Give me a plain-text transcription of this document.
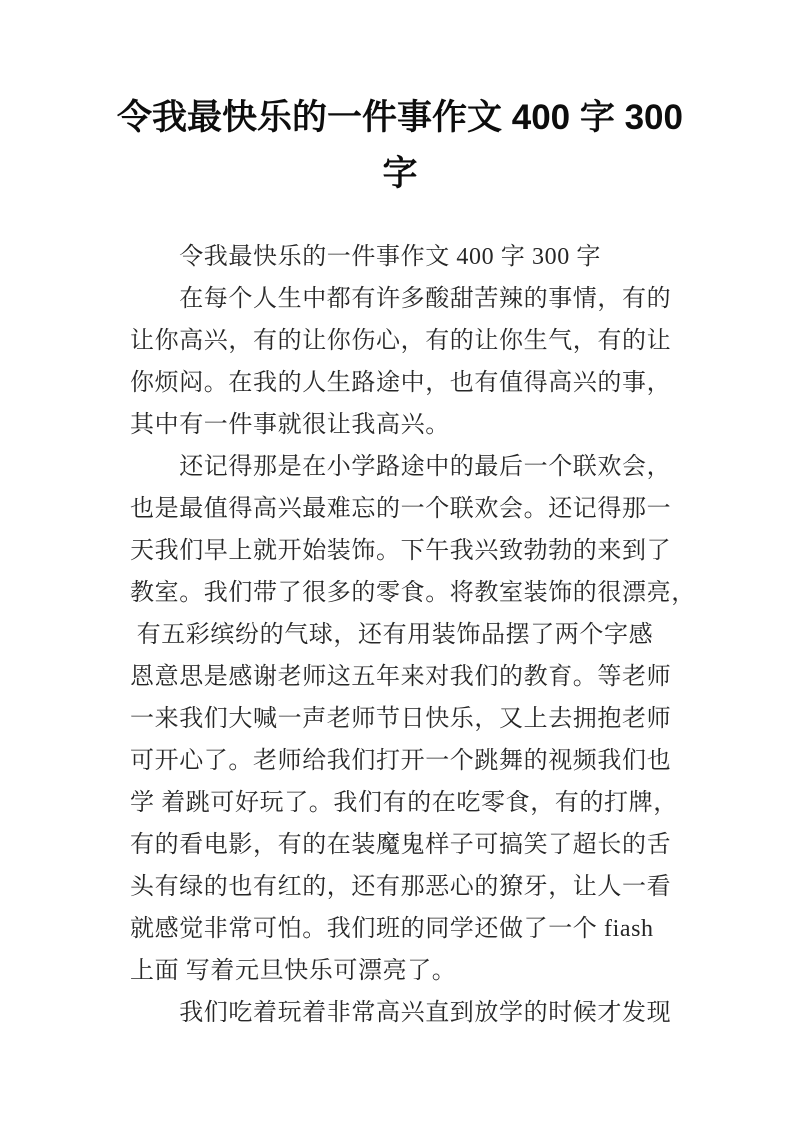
令我最快乐的一件事作文 400 字 300
字
　　令我最快乐的一件事作文 400 字 300 字
　　在每个人生中都有许多酸甜苦辣的事情，有的
让你高兴，有的让你伤心，有的让你生气，有的让
你烦闷。在我的人生路途中，也有值得高兴的事，
其中有一件事就很让我高兴。
　　还记得那是在小学路途中的最后一个联欢会，
也是最值得高兴最难忘的一个联欢会。还记得那一
天我们早上就开始装饰。下午我兴致勃勃的来到了
教室。我们带了很多的零食。将教室装饰的很漂亮，
有五彩缤纷的气球，还有用装饰品摆了两个字感
恩意思是感谢老师这五年来对我们的教育。等老师
一来我们大喊一声老师节日快乐，又上去拥抱老师
可开心了。老师给我们打开一个跳舞的视频我们也
学 着跳可好玩了。我们有的在吃零食，有的打牌，
有的看电影，有的在装魔鬼样子可搞笑了超长的舌
头有绿的也有红的，还有那恶心的獠牙，让人一看
就感觉非常可怕。我们班的同学还做了一个 fiash
上面 写着元旦快乐可漂亮了。
　　我们吃着玩着非常高兴直到放学的时候才发现
